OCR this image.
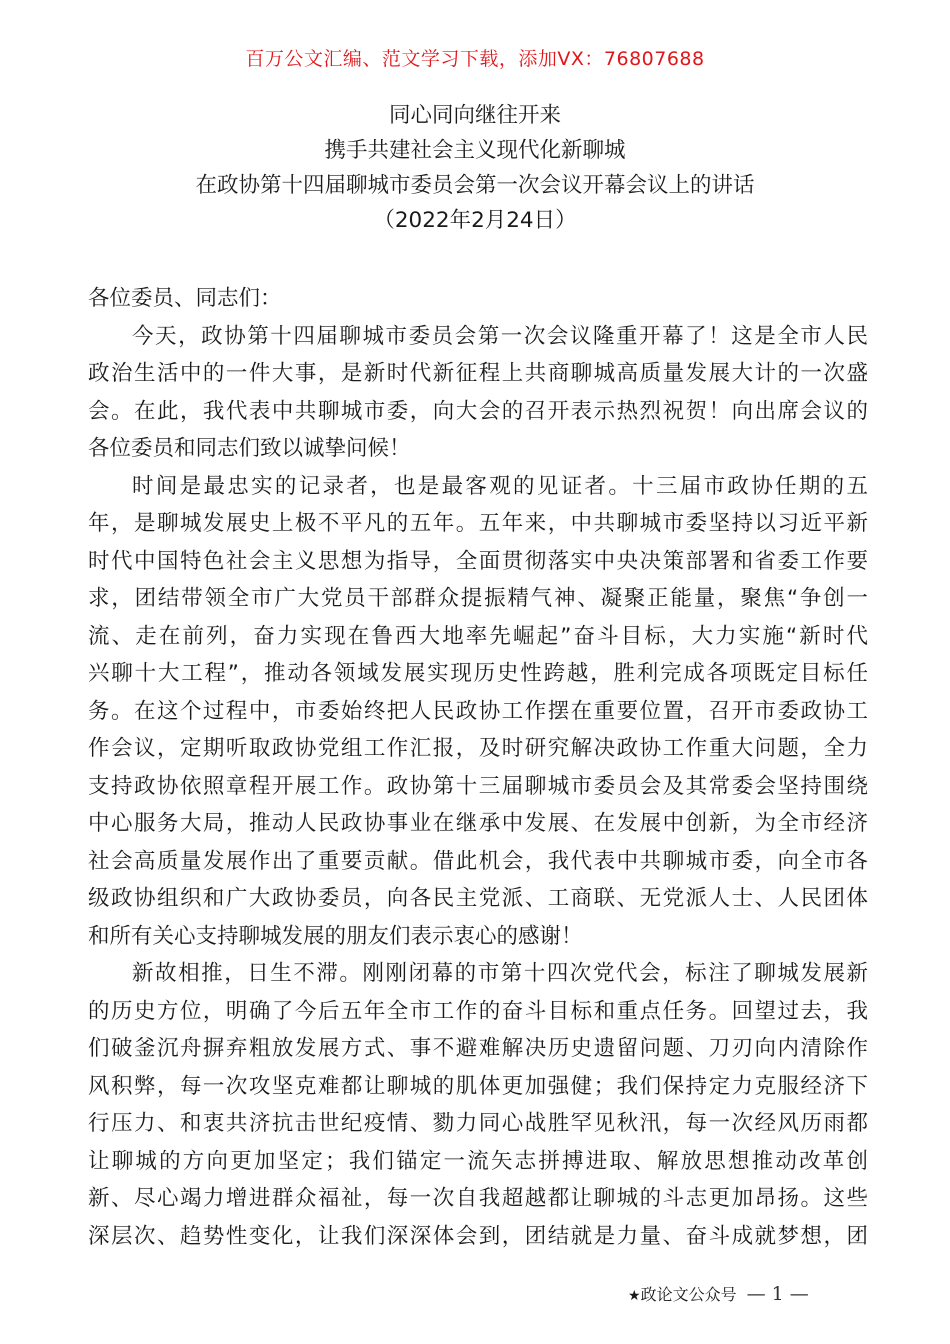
百万公文汇编、范文学习下载，添加VX：76807688
同心同向继往开来
携手共建社会主义现代化新聊城
在政协第十四届聊城市委员会第一次会议开幕会议上的讲话
（2022年2月24日）
各位委员、同志们：
今天，政协第十四届聊城市委员会第一次会议隆重开幕了！这是全市人民
政治生活中的一件大事，是新时代新征程上共商聊城高质量发展大计的一次盛
会。在此，我代表中共聊城市委，向大会的召开表示热烈祝贺！向出席会议的
各位委员和同志们致以诚挚问候！
时间是最忠实的记录者，也是最客观的见证者。十三届市政协任期的五
年，是聊城发展史上极不平凡的五年。五年来，中共聊城市委坚持以习近平新
时代中国特色社会主义思想为指导，全面贯彻落实中央决策部署和省委工作要
求，团结带领全市广大党员干部群众提振精气神、凝聚正能量，聚焦“争创一
流、走在前列，奋力实现在鲁西大地率先崛起”奋斗目标，大力实施“新时代
兴聊十大工程”，推动各领域发展实现历史性跨越，胜利完成各项既定目标任
务。在这个过程中，市委始终把人民政协工作摆在重要位置，召开市委政协工
作会议，定期听取政协党组工作汇报，及时研究解决政协工作重大问题，全力
支持政协依照章程开展工作。政协第十三届聊城市委员会及其常委会坚持围绕
中心服务大局，推动人民政协事业在继承中发展、在发展中创新，为全市经济
社会高质量发展作出了重要贡献。借此机会，我代表中共聊城市委，向全市各
级政协组织和广大政协委员，向各民主党派、工商联、无党派人士、人民团体
和所有关心支持聊城发展的朋友们表示衷心的感谢！
新故相推，日生不滞。刚刚闭幕的市第十四次党代会，标注了聊城发展新
的历史方位，明确了今后五年全市工作的奋斗目标和重点任务。回望过去，我
们破釜沉舟摒弃粗放发展方式、事不避难解决历史遗留问题、刀刃向内清除作
风积弊，每一次攻坚克难都让聊城的肌体更加强健；我们保持定力克服经济下
行压力、和衷共济抗击世纪疫情、勠力同心战胜罕见秋汛，每一次经风历雨都
让聊城的方向更加坚定；我们锚定一流矢志拼搏进取、解放思想推动改革创
新、尽心竭力增进群众福祉，每一次自我超越都让聊城的斗志更加昂扬。这些
深层次、趋势性变化，让我们深深体会到，团结就是力量、奋斗成就梦想，团
★政论文公众号 — 1 —
